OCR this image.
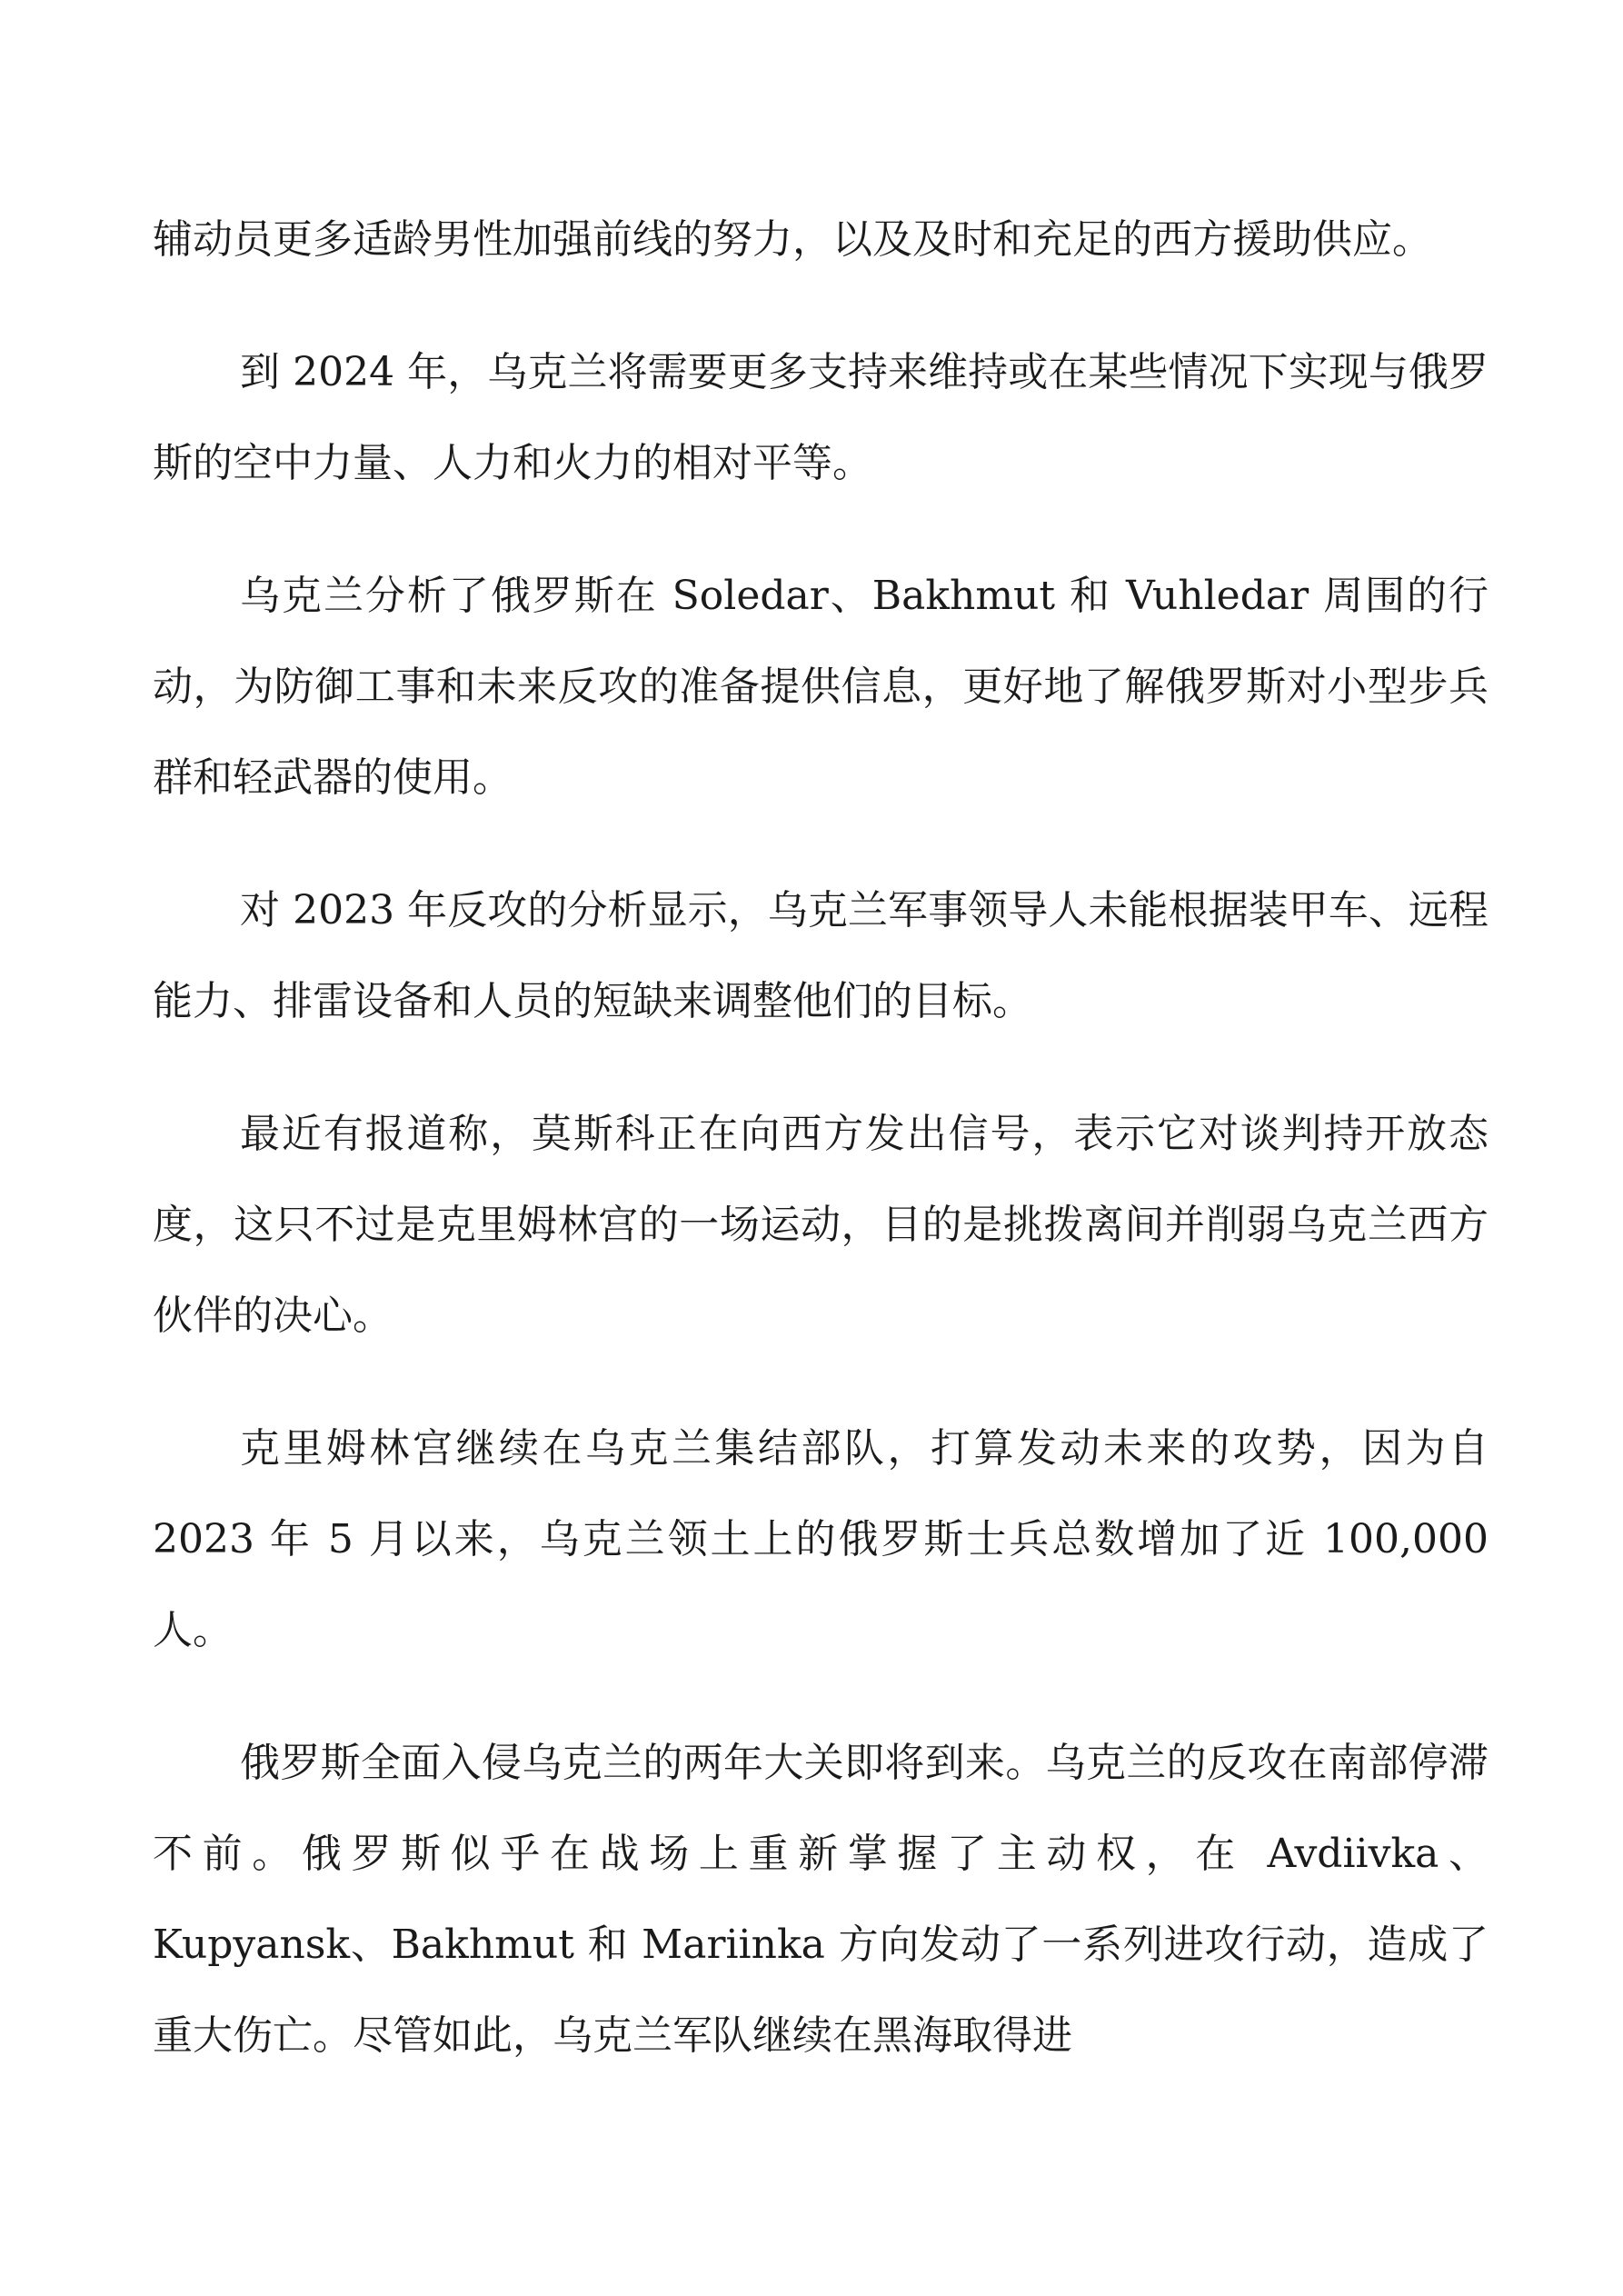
辅动员更多适龄男性加强前线的努力，以及及时和充足的西方援助供应。

到 2024 年，乌克兰将需要更多支持来维持或在某些情况下实现与俄罗斯的空中力量、人力和火力的相对平等。

乌克兰分析了俄罗斯在 Soledar、Bakhmut 和 Vuhledar 周围的行动，为防御工事和未来反攻的准备提供信息，更好地了解俄罗斯对小型步兵群和轻武器的使用。

对 2023 年反攻的分析显示，乌克兰军事领导人未能根据装甲车、远程能力、排雷设备和人员的短缺来调整他们的目标。

最近有报道称，莫斯科正在向西方发出信号，表示它对谈判持开放态度，这只不过是克里姆林宫的一场运动，目的是挑拨离间并削弱乌克兰西方伙伴的决心。

克里姆林宫继续在乌克兰集结部队，打算发动未来的攻势，因为自 2023 年 5 月以来，乌克兰领土上的俄罗斯士兵总数增加了近 100,000 人。

俄罗斯全面入侵乌克兰的两年大关即将到来。乌克兰的反攻在南部停滞不前。俄罗斯似乎在战场上重新掌握了主动权，在 Avdiivka、Kupyansk、Bakhmut 和 Mariinka 方向发动了一系列进攻行动，造成了重大伤亡。尽管如此，乌克兰军队继续在黑海取得进
